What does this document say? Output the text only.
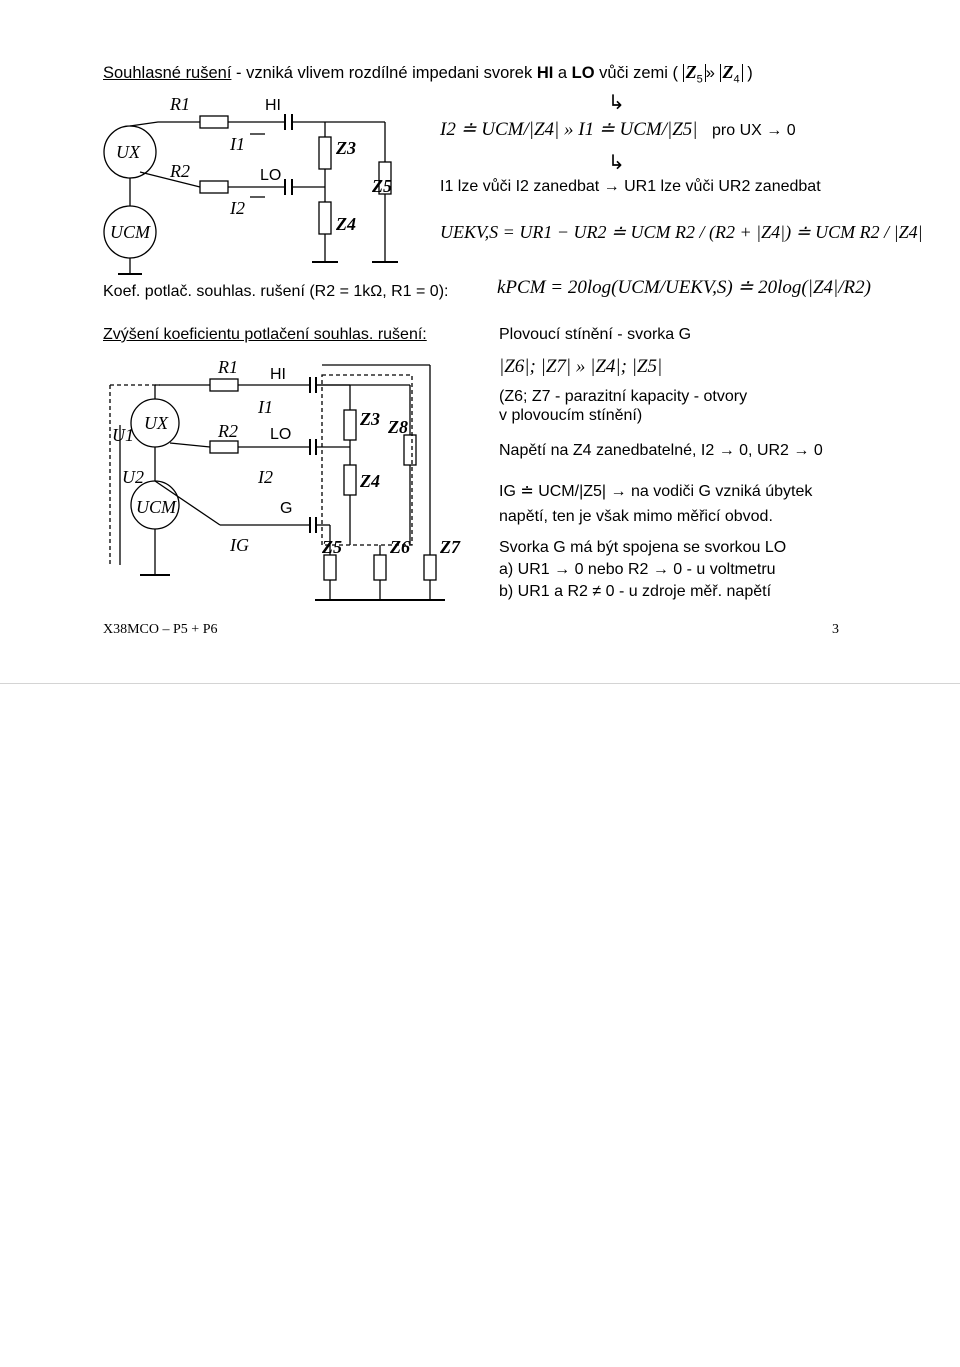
Souhlasné rušení - vzniká vlivem rozdílné impedani svorek HI a LO vůči zemi ( $Z_5$ » $Z_4$ )
↳
↳
R1
R2
HI
LO
I1
I2
Z3
Z4
Z5
UX
UCM
I2 ≐ UCM/|Z4| » I1 ≐ UCM/|Z5| pro UX → 0
I1 lze vůči I2 zanedbat → UR1 lze vůči UR2 zanedbat
UEKV,S = UR1 − UR2 ≐ UCM R2 / (R2 + |Z4|) ≐ UCM R2 / |Z4|
Koef. potlač. souhlas. rušení (R2 = 1kΩ, R1 = 0):	kPCM = 20log(UCM/UEKV,S) ≐ 20log(|Z4|/R2)
Zvýšení koeficientu potlačení souhlas. rušení:
R1
R2
HI
LO
G
I1
I2
IG
U1
U2
UX
UCM
Z3
Z4
Z5	Z6 Z7
Z8
Plovoucí stínění - svorka G
|Z6|; |Z7| » |Z4|; |Z5|
(Z6; Z7 - parazitní kapacity - otvory
v plovoucím stínění)
Napětí na Z4 zanedbatelné, I2 → 0, UR2 → 0
IG ≐ UCM/|Z5| → na vodiči G vzniká úbytek
napětí, ten je však mimo měřicí obvod.
Svorka G má být spojena se svorkou LO
a) UR1 → 0 nebo R2 → 0 - u voltmetru
b) UR1 a R2 ≠ 0 - u zdroje měř. napětí
X38MCO – P5 + P6	3
